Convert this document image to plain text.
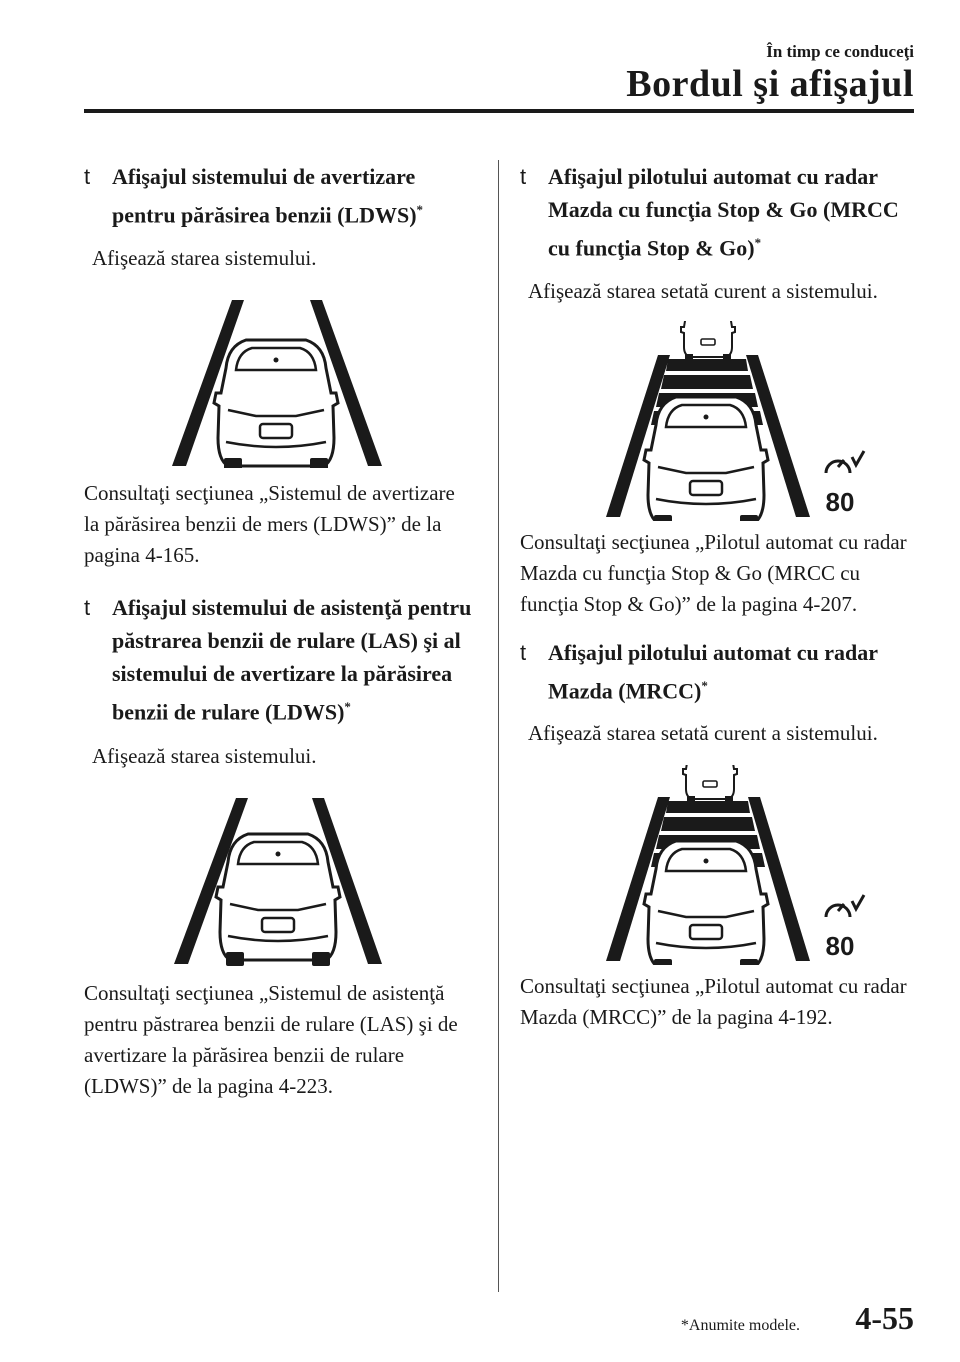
În timp ce conduceţi
Bordul şi afişajul
t Afişajul sistemului de avertizare pentru părăsirea benzii (LDWS)*

Afişează starea sistemului.

Consultaţi secţiunea „Sistemul de avertizare la părăsirea benzii de mers (LDWS)” de la pagina 4-165.

t Afişajul sistemului de asistenţă pentru păstrarea benzii de rulare (LAS) şi al sistemului de avertizare la părăsirea benzii de rulare (LDWS)*

Afişează starea sistemului.

Consultaţi secţiunea „Sistemul de asistenţă pentru păstrarea benzii de rulare (LAS) şi de avertizare la părăsirea benzii de rulare (LDWS)” de la pagina 4-223.

t Afişajul pilotului automat cu radar Mazda cu funcţia Stop & Go (MRCC cu funcţia Stop & Go)*

Afişează starea setată curent a sistemului.

80

Consultaţi secţiunea „Pilotul automat cu radar Mazda cu funcţia Stop & Go (MRCC cu funcţia Stop & Go)” de la pagina 4-207.

t Afişajul pilotului automat cu radar Mazda (MRCC)*

Afişează starea setată curent a sistemului.

80

Consultaţi secţiunea „Pilotul automat cu radar Mazda (MRCC)” de la pagina 4-192.

*Anumite modele. 4-55
